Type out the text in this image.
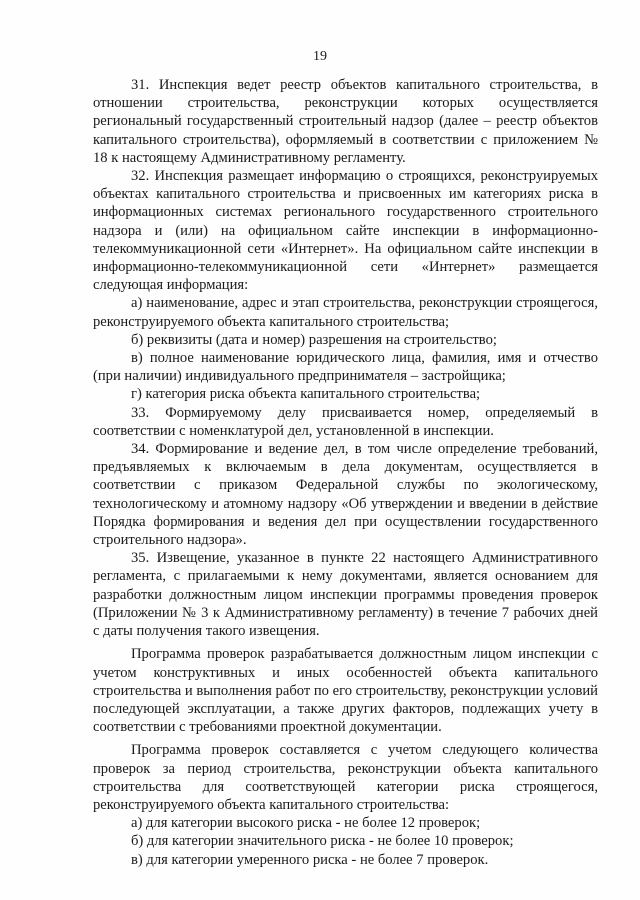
19

31. Инспекция ведет реестр объектов капитального строительства, в отношении строительства, реконструкции которых осуществляется региональный государственный строительный надзор (далее – реестр объектов капитального строительства), оформляемый в соответствии с приложением № 18 к настоящему Административному регламенту.

32. Инспекция размещает информацию о строящихся, реконструируемых объектах капитального строительства и присвоенных им категориях риска в информационных системах регионального государственного строительного надзора и (или) на официальном сайте инспекции в информационно-телекоммуникационной сети «Интернет». На официальном сайте инспекции в информационно-телекоммуникационной сети «Интернет» размещается следующая информация:

а) наименование, адрес и этап строительства, реконструкции строящегося, реконструируемого объекта капитального строительства;

б) реквизиты (дата и номер) разрешения на строительство;

в) полное наименование юридического лица, фамилия, имя и отчество (при наличии) индивидуального предпринимателя – застройщика;

г) категория риска объекта капитального строительства;

33. Формируемому делу присваивается номер, определяемый в соответствии с номенклатурой дел, установленной в инспекции.

34. Формирование и ведение дел, в том числе определение требований, предъявляемых к включаемым в дела документам, осуществляется в соответствии с приказом Федеральной службы по экологическому, технологическому и атомному надзору «Об утверждении и введении в действие Порядка формирования и ведения дел при осуществлении государственного строительного надзора».

35. Извещение, указанное в пункте 22 настоящего Административного регламента, с прилагаемыми к нему документами, является основанием для разработки должностным лицом инспекции программы проведения проверок (Приложении № 3 к Административному регламенту) в течение 7 рабочих дней с даты получения такого извещения.

Программа проверок разрабатывается должностным лицом инспекции с учетом конструктивных и иных особенностей объекта капитального строительства и выполнения работ по его строительству, реконструкции условий последующей эксплуатации, а также других факторов, подлежащих учету в соответствии с требованиями проектной документации.

Программа проверок составляется с учетом следующего количества проверок за период строительства, реконструкции объекта капитального строительства для соответствующей категории риска строящегося, реконструируемого объекта капитального строительства:

а) для категории высокого риска - не более 12 проверок;

б) для категории значительного риска - не более 10 проверок;

в) для категории умеренного риска - не более 7 проверок.
